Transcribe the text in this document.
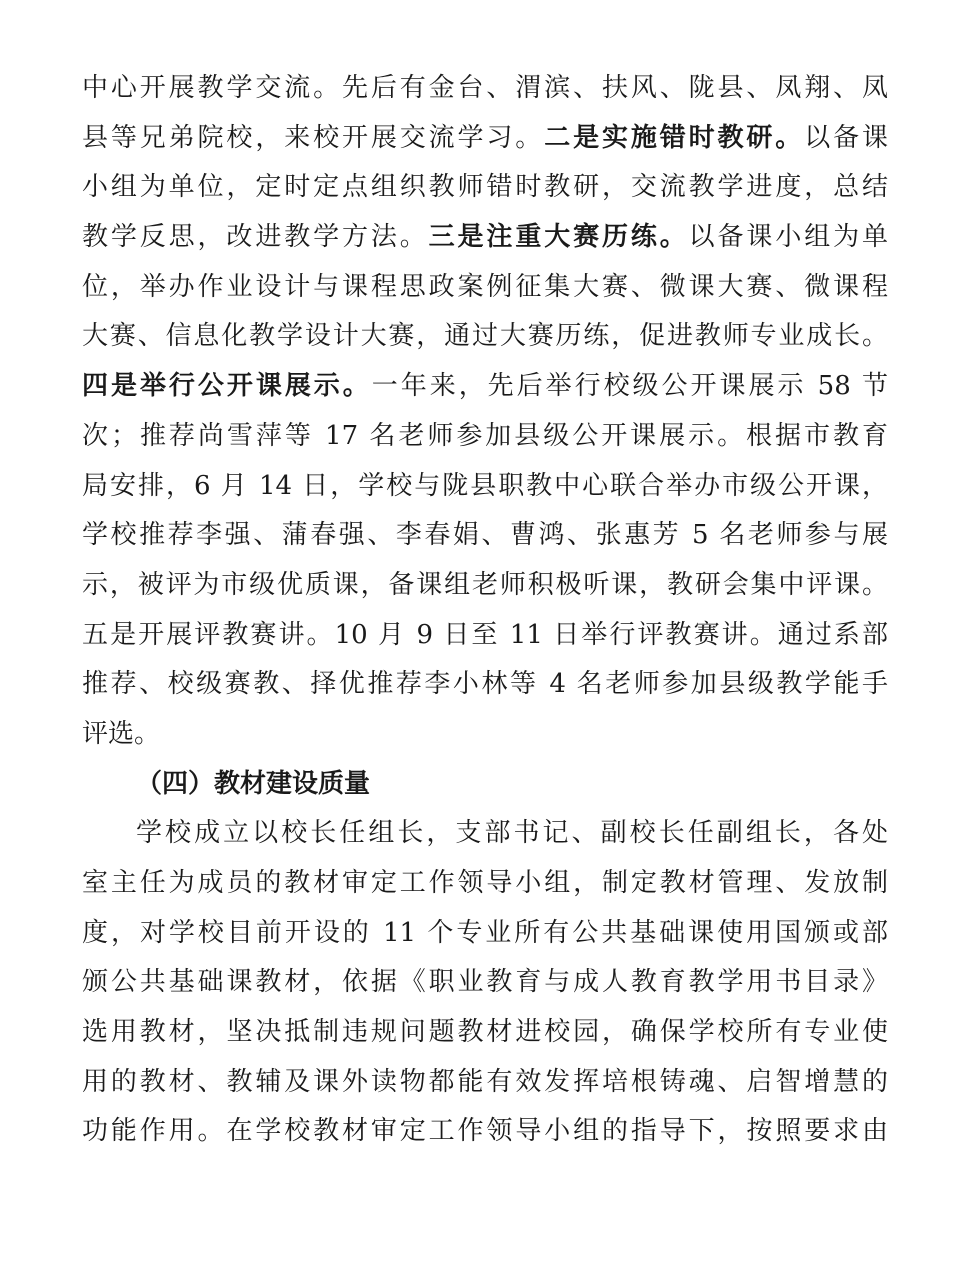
中心开展教学交流。先后有金台、渭滨、扶风、陇县、凤翔、凤
县等兄弟院校，来校开展交流学习。二是实施错时教研。以备课
小组为单位，定时定点组织教师错时教研，交流教学进度，总结
教学反思，改进教学方法。三是注重大赛历练。以备课小组为单
位，举办作业设计与课程思政案例征集大赛、微课大赛、微课程
大赛、信息化教学设计大赛，通过大赛历练，促进教师专业成长。
四是举行公开课展示。一年来，先后举行校级公开课展示 58 节
次；推荐尚雪萍等 17 名老师参加县级公开课展示。根据市教育
局安排，6 月 14 日，学校与陇县职教中心联合举办市级公开课，
学校推荐李强、蒲春强、李春娟、曹鸿、张惠芳 5 名老师参与展
示，被评为市级优质课，备课组老师积极听课，教研会集中评课。
五是开展评教赛讲。10 月 9 日至 11 日举行评教赛讲。通过系部
推荐、校级赛教、择优推荐李小林等 4 名老师参加县级教学能手
评选。
（四）教材建设质量
学校成立以校长任组长，支部书记、副校长任副组长，各处
室主任为成员的教材审定工作领导小组，制定教材管理、发放制
度，对学校目前开设的 11 个专业所有公共基础课使用国颁或部
颁公共基础课教材，依据《职业教育与成人教育教学用书目录》
选用教材，坚决抵制违规问题教材进校园，确保学校所有专业使
用的教材、教辅及课外读物都能有效发挥培根铸魂、启智增慧的
功能作用。在学校教材审定工作领导小组的指导下，按照要求由
